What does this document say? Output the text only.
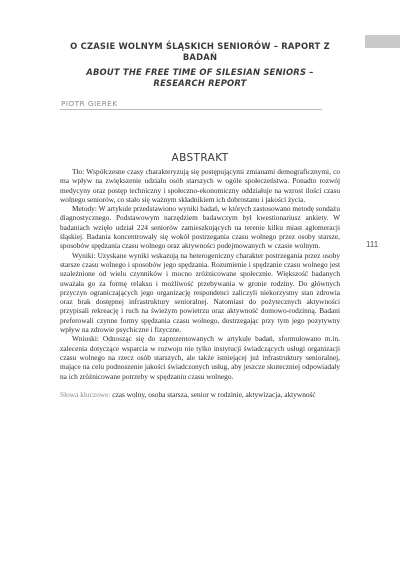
111
O CZASIE WOLNYM ŚLĄSKICH SENIORÓW – RAPORT Z BADAŃ
ABOUT THE FREE TIME OF SILESIAN SENIORS – RESEARCH REPORT
PIOTR GIEREK
ABSTRAKT

Tło: Współczesne czasy charakteryzują się postępującymi zmianami demograficznymi, co ma wpływ na zwiększenie udziału osób starszych w ogóle społeczeństwa. Ponadto rozwój medycyny oraz postęp techniczny i społeczno-ekonomiczny oddziałuje na wzrost ilości czasu wolnego seniorów, co stało się ważnym składnikiem ich dobrostanu i jakości życia.

Metody: W artykule przedstawiono wyniki badań, w których zastosowano metodę sondażu diagnostycznego. Podstawowym narzędziem badawczym był kwestionariusz ankiety. W badaniach wzięło udział 224 seniorów zamieszkujących na terenie kilku miast aglomeracji śląskiej. Badania koncentrowały się wokół postrzegania czasu wolnego przez osoby starsze, sposobów spędzania czasu wolnego oraz aktywności podejmowanych w czasie wolnym.

Wyniki: Uzyskane wyniki wskazują na heterogeniczny charakter postrzegania przez osoby starsze czasu wolnego i sposobów jego spędzania. Rozumienie i spędzanie czasu wolnego jest uzależnione od wielu czynników i mocno zróżnicowane społecznie. Większość badanych uważała go za formę relaksu i możliwość przebywania w gronie rodziny. Do głównych przyczyn ograniczających jego organizację respondenci zaliczyli niekorzystny stan zdrowia oraz brak dostępnej infrastruktury senioralnej. Natomiast do pożytecznych aktywności przypisali rekreację i ruch na świeżym powietrzu oraz aktywność domowo-rodzinną. Badani preferowali czynne formy spędzania czasu wolnego, dostrzegając przy tym jego pozytywny wpływ na zdrowie psychiczne i fizyczne.

Wnioski: Odnosząc się do zaprezentowanych w artykule badań, sformułowano m.in. zalecenia dotyczące wsparcia w rozwoju nie tylko instytucji świadczących usługi organizacji czasu wolnego na rzecz osób starszych, ale także istniejącej już infrastruktury senioralnej, mające na celu podnoszenie jakości świadczonych usług, aby jeszcze skuteczniej odpowiadały na ich zróżnicowane potrzeby w spędzaniu czasu wolnego.

Słowa kluczowe: czas wolny, osoba starsza, senior w rodzinie, aktywizacja, aktywność
